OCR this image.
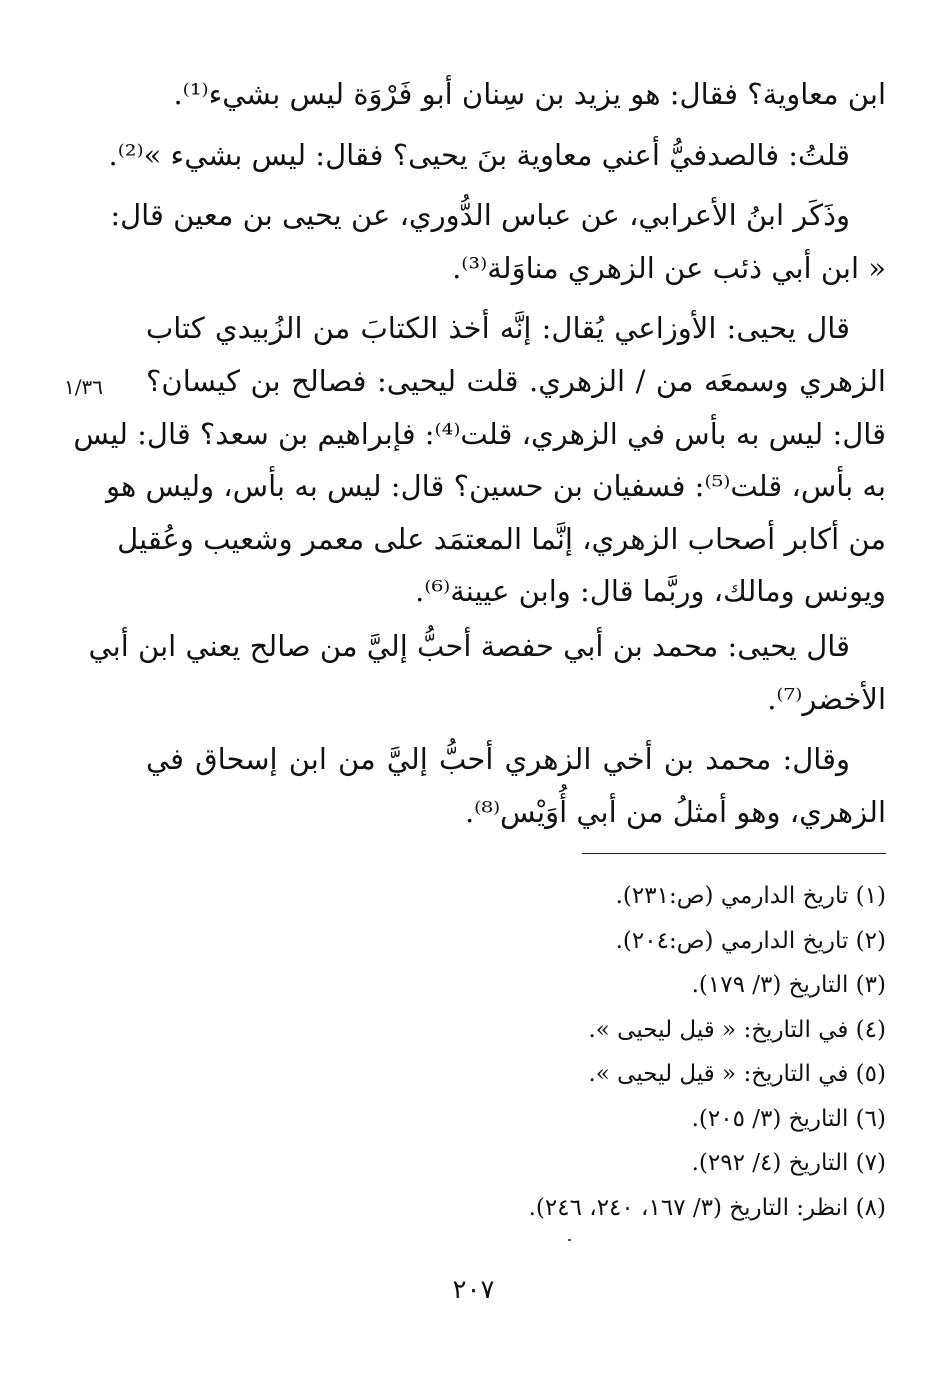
١/٣٦
ابن معاوية؟ فقال: هو يزيد بن سِنان أبو فَرْوَة ليس بشيء⁽¹⁾.
قلتُ: فالصدفيُّ أعني معاوية بنَ يحيى؟ فقال: ليس بشيء »⁽²⁾.
وذَكَر ابنُ الأعرابي، عن عباس الدُّوري، عن يحيى بن معين قال:
« ابن أبي ذئب عن الزهري مناوَلة⁽³⁾.
قال يحيى: الأوزاعي يُقال: إنَّه أخذ الكتابَ من الزُبيدي كتاب
الزهري وسمعَه من / الزهري. قلت ليحيى: فصالح بن كيسان؟
قال: ليس به بأس في الزهري، قلت⁽⁴⁾: فإبراهيم بن سعد؟ قال: ليس
به بأس، قلت⁽⁵⁾: فسفيان بن حسين؟ قال: ليس به بأس، وليس هو
من أكابر أصحاب الزهري، إنَّما المعتمَد على معمر وشعيب وعُقيل
ويونس ومالك، وربَّما قال: وابن عيينة⁽⁶⁾.
قال يحيى: محمد بن أبي حفصة أحبُّ إليَّ من صالح يعني ابن أبي
الأخضر⁽⁷⁾.
وقال: محمد بن أخي الزهري أحبُّ إليَّ من ابن إسحاق في
الزهري، وهو أمثلُ من أبي أُوَيْس⁽⁸⁾.
(١) تاريخ الدارمي (ص:٢٣١).
(٢) تاريخ الدارمي (ص:٢٠٤).
(٣) التاريخ (٣/ ١٧٩).
(٤) في التاريخ: « قيل ليحيى ».
(٥) في التاريخ: « قيل ليحيى ».
(٦) التاريخ (٣/ ٢٠٥).
(٧) التاريخ (٤/ ٢٩٢).
(٨) انظر: التاريخ (٣/ ١٦٧، ٢٤٠، ٢٤٦).
٢٠٧
